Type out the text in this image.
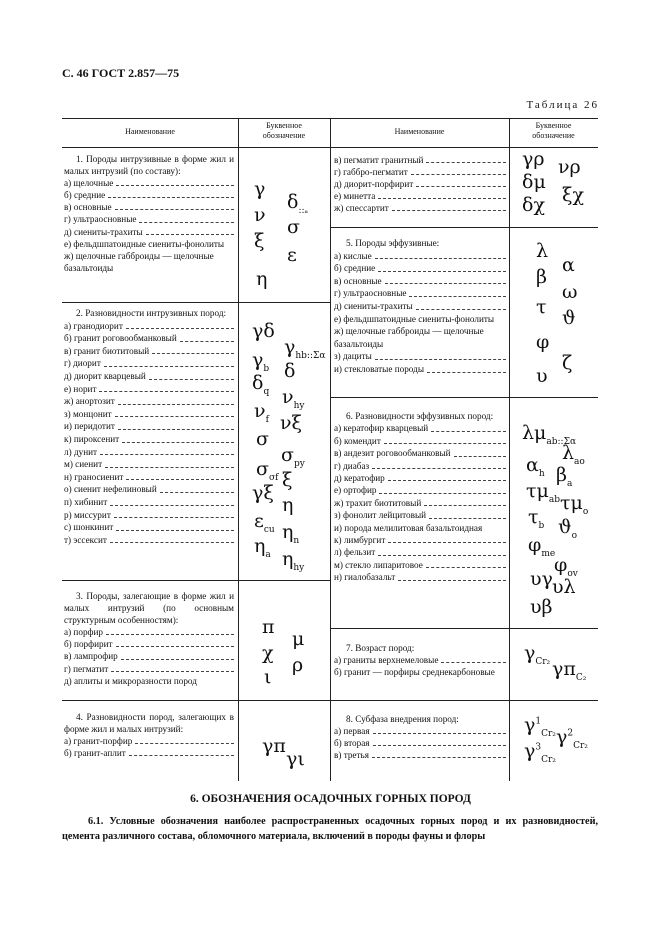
С. 46 ГОСТ 2.857—75
Таблица 26
Наименование
Буквенное
обозначение	Наименование
Буквенное
обозначение
1. Породы интрузивные в форме жил и малых интрузий (по составу):
а) щелочные
б) средние
в) основные
г) ультраосновные
д) сиениты-трахиты
е) фельдшпатоидные сиениты-фонолиты
ж) щелочные габброиды — щелочные базальтоиды
2. Разновидности интрузивных пород:
а) гранодиорит
б) гранит роговообманковый
в) гранит биотитовый
г) диорит
д) диорит кварцевый
е) норит
ж) анортозит
з) монцонит
и) перидотит
к) пироксенит
л) дунит
м) сиенит
н) граносиенит
о) сиенит нефелиновый
п) хибинит
р) миссурит
с) шонкинит
т) эссексит
3. Породы, залегающие в форме жил и малых интрузий (по основным структурным особенностям):
а) порфир
б) порфирит
в) лампрофир
г) пегматит
д) аплиты и микроразности пород
4. Разновидности пород, залегающих в форме жил и малых интрузий:
а) гранит-порфир
б) гранит-аплит
в) пегматит гранитный
г) габбро-пегматит
д) диорит-порфирит
е) минетта
ж) спессартит
5. Породы эффузивные:
а) кислые
б) средние
в) основные
г) ультраосновные
д) сиениты-трахиты
е) фельдшпатоидные сиениты-фонолиты
ж) щелочные габброиды — щелочные базальтоиды
з) дациты
и) стекловатые породы
6. Разновидности эффузивных пород:
а) кератофир кварцевый
б) комендит
в) андезит роговообманковый
г) диабаз
д) кератофир
е) ортофир
ж) трахит биотитовый
з) фонолит лейцитовый
и) порода мелилитовая базальтоидная
к) лимбургит
л) фельзит
м) стекло липаритовое
н) гиалобазальт
7. Возраст пород:
а) граниты верхнемеловые
б) гранит — порфиры среднекарбоновые
8. Субфаза внедрения пород:
а) первая
б) вторая
в) третья
γ
$\delta_{::_a}$
ν
σ
ξ
ε
η
γδ
$\gamma_{hb::\Sigma\alpha}$
$\gamma_b$ δ
$\delta_q$ $\nu_{hy}$
$\nu_f$ νξ
σ
$\sigma_{py}$
$\sigma_{\sigma f}$ ξ
γξ
η
$\varepsilon_{cu}$ $\eta_n$
$\eta_a$ $\eta_{hy}$
π
μ
χ
ρ
ι
γπ
γι
γρ νρ
δμ
ξχ
δχ
λ
α
β
ω
τ ϑ
φ
υ
ζ
$\lambda\mu_{ab::\Sigma\alpha}$
$\lambda_{ao}$
$\alpha_h$ $\beta_a$
$\tau\mu_{ab}$ $\tau\mu_o$
$\tau_b$ $ϑ_o$
$\varphi_{me}$
$\varphi_{ov}$
υγ υλ
υβ
$\gamma_{Cr_2}$ $\gamma\pi_{C_2}$
$\gamma^1_{Cr_2}$ $\gamma^2_{Cr_2}$
$\gamma^3_{Cr_2}$
6. ОБОЗНАЧЕНИЯ ОСАДОЧНЫХ ГОРНЫХ ПОРОД
6.1. Условные обозначения наиболее распространенных осадочных горных пород и их разновидностей, цемента различного состава, обломочного материала, включений в породы фауны и флоры
